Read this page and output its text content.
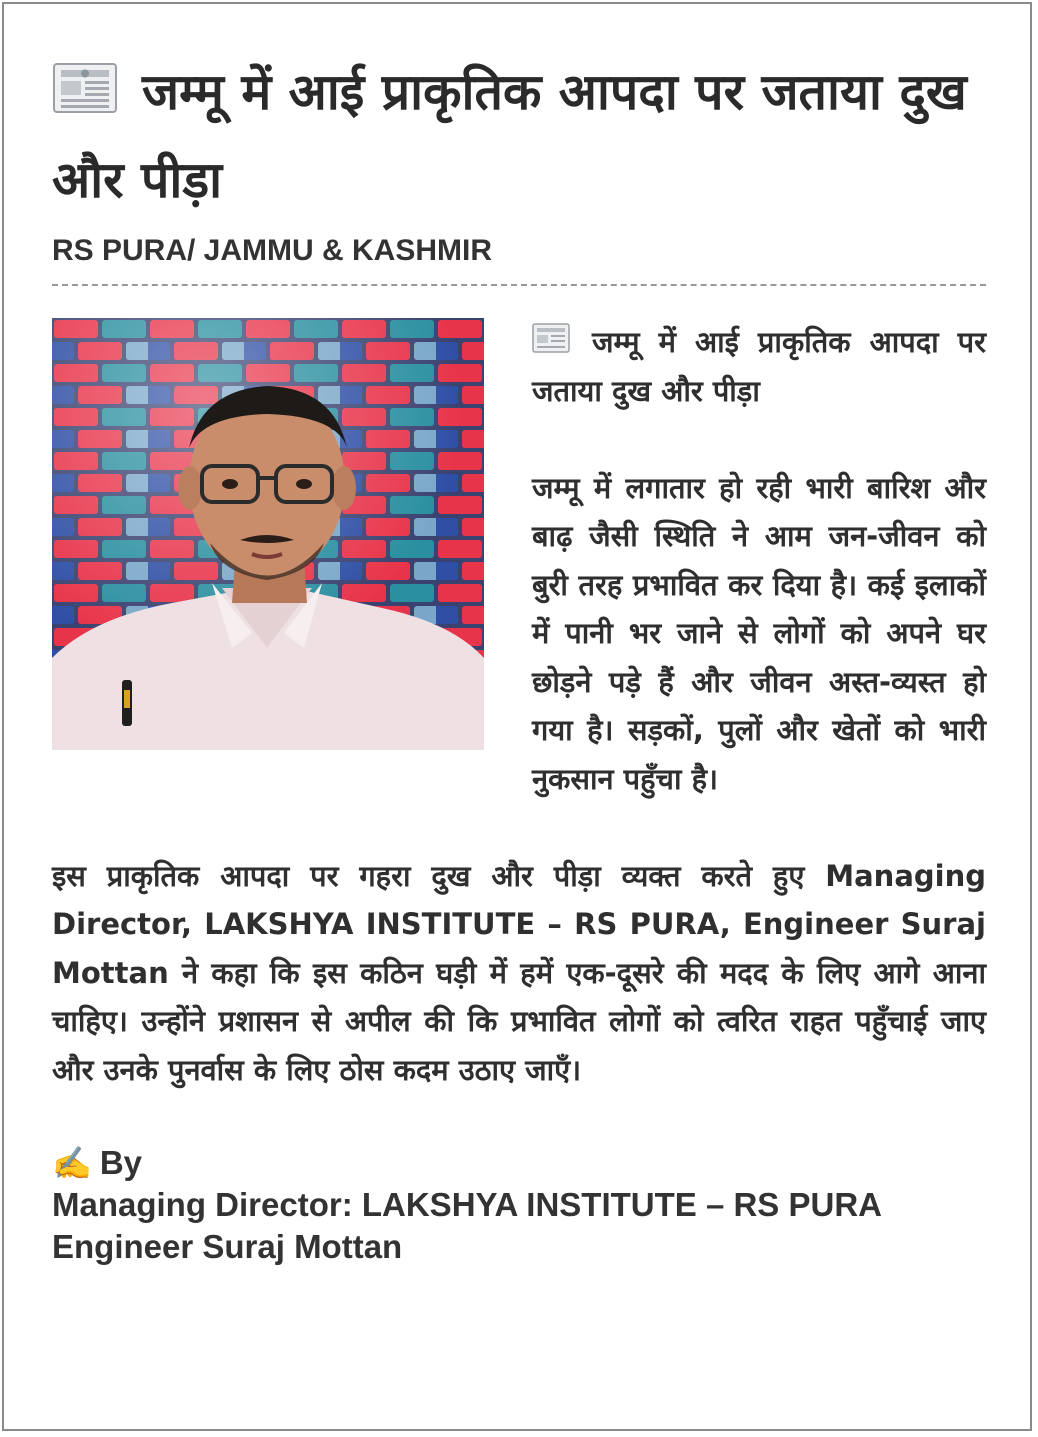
जम्मू में आई प्राकृतिक आपदा पर जताया दुख और पीड़ा
RS PURA/ JAMMU & KASHMIR

जम्मू में आई प्राकृतिक आपदा पर जताया दुख और पीड़ा

जम्मू में लगातार हो रही भारी बारिश और बाढ़ जैसी स्थिति ने आम जन-जीवन को बुरी तरह प्रभावित कर दिया है। कई इलाकों में पानी भर जाने से लोगों को अपने घर छोड़ने पड़े हैं और जीवन अस्त-व्यस्त हो गया है। सड़कों, पुलों और खेतों को भारी नुकसान पहुँचा है।

इस प्राकृतिक आपदा पर गहरा दुख और पीड़ा व्यक्त करते हुए Managing Director, LAKSHYA INSTITUTE – RS PURA, Engineer Suraj Mottan ने कहा कि इस कठिन घड़ी में हमें एक-दूसरे की मदद के लिए आगे आना चाहिए। उन्होंने प्रशासन से अपील की कि प्रभावित लोगों को त्वरित राहत पहुँचाई जाए और उनके पुनर्वास के लिए ठोस कदम उठाए जाएँ।

✍️ By
Managing Director: LAKSHYA INSTITUTE – RS PURA
Engineer Suraj Mottan
